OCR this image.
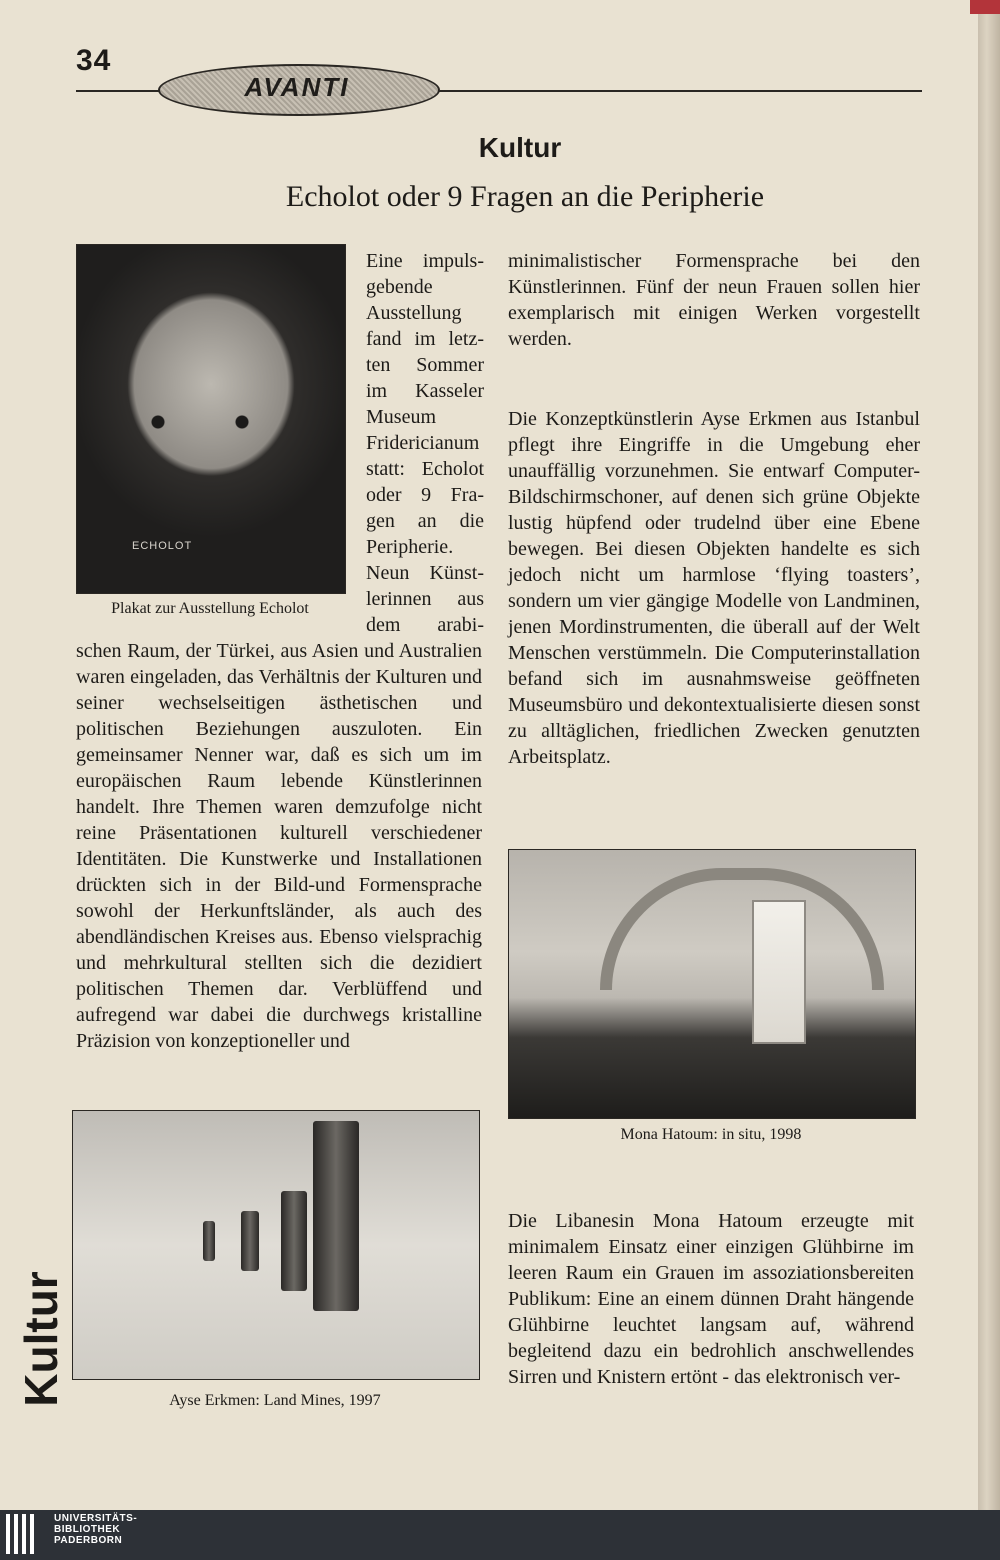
34
AVANTI
Kultur
Echolot oder 9 Fragen an die Peripherie
ECHOLOT
Plakat zur Ausstellung Echolot
Eine impuls-
gebende
Ausstellung
fand im letz-
ten Sommer
im Kasseler
Museum
Fridericianum
statt: Echolot
oder 9 Fra-
gen an die
Peripherie.
Neun Künst-
lerinnen aus
dem arabi-
schen Raum, der Türkei, aus Asien und Australien waren eingeladen, das Verhältnis der Kulturen und seiner wechselseitigen ästhetischen und politischen Beziehungen auszuloten. Ein gemeinsamer Nenner war, daß es sich um im europäischen Raum lebende Künstlerinnen handelt. Ihre Themen waren demzufolge nicht reine Präsentationen kulturell verschiedener Identitäten. Die Kunstwerke und Installationen drückten sich in der Bild-und Formensprache sowohl der Herkunftsländer, als auch des abendländischen Kreises aus. Ebenso vielsprachig und mehrkultural stellten sich die dezidiert politischen Themen dar. Verblüffend und aufregend war dabei die durchwegs kristalline Präzision von konzeptioneller und
minimalistischer Formensprache bei den Künstlerinnen. Fünf der neun Frauen sollen hier exemplarisch mit einigen Werken vorgestellt werden.
Die Konzeptkünstlerin Ayse Erkmen aus Istanbul pflegt ihre Eingriffe in die Umgebung eher unauffällig vorzunehmen. Sie entwarf Computer-Bildschirmschoner, auf denen sich grüne Objekte lustig hüpfend oder trudelnd über eine Ebene bewegen. Bei diesen Objekten handelte es sich jedoch nicht um harmlose ‘flying toasters’, sondern um vier gängige Modelle von Landminen, jenen Mordinstrumenten, die überall auf der Welt Menschen verstümmeln. Die Computerinstallation befand sich im ausnahmsweise geöffneten Museumsbüro und dekontextualisierte diesen sonst zu alltäglichen, friedlichen Zwecken genutzten Arbeitsplatz.
Mona Hatoum: in situ, 1998
Die Libanesin Mona Hatoum erzeugte mit minimalem Einsatz einer einzigen Glühbirne im leeren Raum ein Grauen im assoziationsbereiten Publikum: Eine an einem dünnen Draht hängende Glühbirne leuchtet langsam auf, während begleitend dazu ein bedrohlich anschwellendes Sirren und Knistern ertönt - das elektronisch ver-
Ayse Erkmen: Land Mines, 1997
Kultur
UNIVERSITÄTS-
BIBLIOTHEK
PADERBORN
